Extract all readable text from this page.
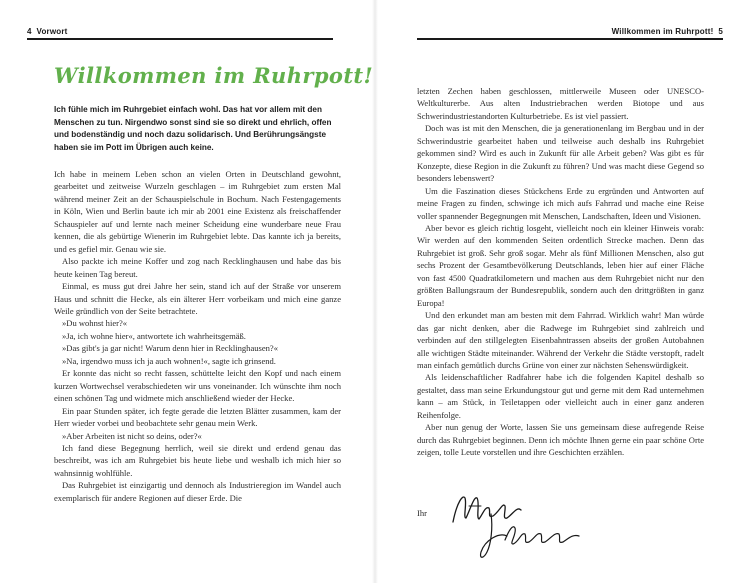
4 Vorwort
Willkommen im Ruhrpott!
Ich fühle mich im Ruhrgebiet einfach wohl. Das hat vor allem mit den Menschen zu tun. Nirgendwo sonst sind sie so direkt und ehrlich, offen und bodenständig und noch dazu solidarisch. Und Berührungsängste haben sie im Pott im Übrigen auch keine.

Ich habe in meinem Leben schon an vielen Orten in Deutschland gewohnt, gearbeitet und zeitweise Wurzeln geschlagen – im Ruhrgebiet zum ersten Mal während meiner Zeit an der Schauspielschule in Bochum. Nach Festengagements in Köln, Wien und Berlin baute ich mir ab 2001 eine Existenz als freischaffender Schauspieler auf und lernte nach meiner Scheidung eine wunderbare neue Frau kennen, die als gebürtige Wienerin im Ruhrgebiet lebte. Das kannte ich ja bereits, und es gefiel mir. Genau wie sie.

Also packte ich meine Koffer und zog nach Recklinghausen und habe das bis heute keinen Tag bereut.

Einmal, es muss gut drei Jahre her sein, stand ich auf der Straße vor unserem Haus und schnitt die Hecke, als ein älterer Herr vorbeikam und mich eine ganze Weile gründlich von der Seite betrachtete.

»Du wohnst hier?«

»Ja, ich wohne hier«, antwortete ich wahrheitsgemäß.

»Das gibt's ja gar nicht! Warum denn hier in Recklinghausen?«

»Na, irgendwo muss ich ja auch wohnen!«, sagte ich grinsend.

Er konnte das nicht so recht fassen, schüttelte leicht den Kopf und nach einem kurzen Wortwechsel verabschiedeten wir uns voneinander. Ich wünschte ihm noch einen schönen Tag und widmete mich anschließend wieder der Hecke.

Ein paar Stunden später, ich fegte gerade die letzten Blätter zusammen, kam der Herr wieder vorbei und beobachtete sehr genau mein Werk.

»Aber Arbeiten ist nicht so deins, oder?«

Ich fand diese Begegnung herrlich, weil sie direkt und erdend genau das beschreibt, was ich am Ruhrgebiet bis heute liebe und weshalb ich mich hier so wahnsinnig wohlfühle.

Das Ruhrgebiet ist einzigartig und dennoch als Industrieregion im Wandel auch exemplarisch für andere Regionen auf dieser Erde. Die

Willkommen im Ruhrpott! 5

letzten Zechen haben geschlossen, mittlerweile Museen oder UNESCO-Weltkulturerbe. Aus alten Industriebrachen werden Biotope und aus Schwerindustriestandorten Kulturbetriebe. Es ist viel passiert.

Doch was ist mit den Menschen, die ja generationenlang im Bergbau und in der Schwerindustrie gearbeitet haben und teilweise auch deshalb ins Ruhrgebiet gekommen sind? Wird es auch in Zukunft für alle Arbeit geben? Was gibt es für Konzepte, diese Region in die Zukunft zu führen? Und was macht diese Gegend so besonders lebenswert?

Um die Faszination dieses Stückchens Erde zu ergründen und Antworten auf meine Fragen zu finden, schwinge ich mich aufs Fahrrad und mache eine Reise voller spannender Begegnungen mit Menschen, Landschaften, Ideen und Visionen.

Aber bevor es gleich richtig losgeht, vielleicht noch ein kleiner Hinweis vorab: Wir werden auf den kommenden Seiten ordentlich Strecke machen. Denn das Ruhrgebiet ist groß. Sehr groß sogar. Mehr als fünf Millionen Menschen, also gut sechs Prozent der Gesamtbevölkerung Deutschlands, leben hier auf einer Fläche von fast 4500 Quadratkilometern und machen aus dem Ruhrgebiet nicht nur den größten Ballungsraum der Bundesrepublik, sondern auch den drittgrößten in ganz Europa!

Und den erkundet man am besten mit dem Fahrrad. Wirklich wahr! Man würde das gar nicht denken, aber die Radwege im Ruhrgebiet sind zahlreich und verbinden auf den stillgelegten Eisenbahntrassen abseits der großen Autobahnen alle wichtigen Städte miteinander. Während der Verkehr die Städte verstopft, radelt man einfach gemütlich durchs Grüne von einer zur nächsten Sehenswürdigkeit.

Als leidenschaftlicher Radfahrer habe ich die folgenden Kapitel deshalb so gestaltet, dass man seine Erkundungstour gut und gerne mit dem Rad unternehmen kann – am Stück, in Teiletappen oder vielleicht auch in einer ganz anderen Reihenfolge.

Aber nun genug der Worte, lassen Sie uns gemeinsam diese aufregende Reise durch das Ruhrgebiet beginnen. Denn ich möchte Ihnen gerne ein paar schöne Orte zeigen, tolle Leute vorstellen und ihre Geschichten erzählen.

Ihr
